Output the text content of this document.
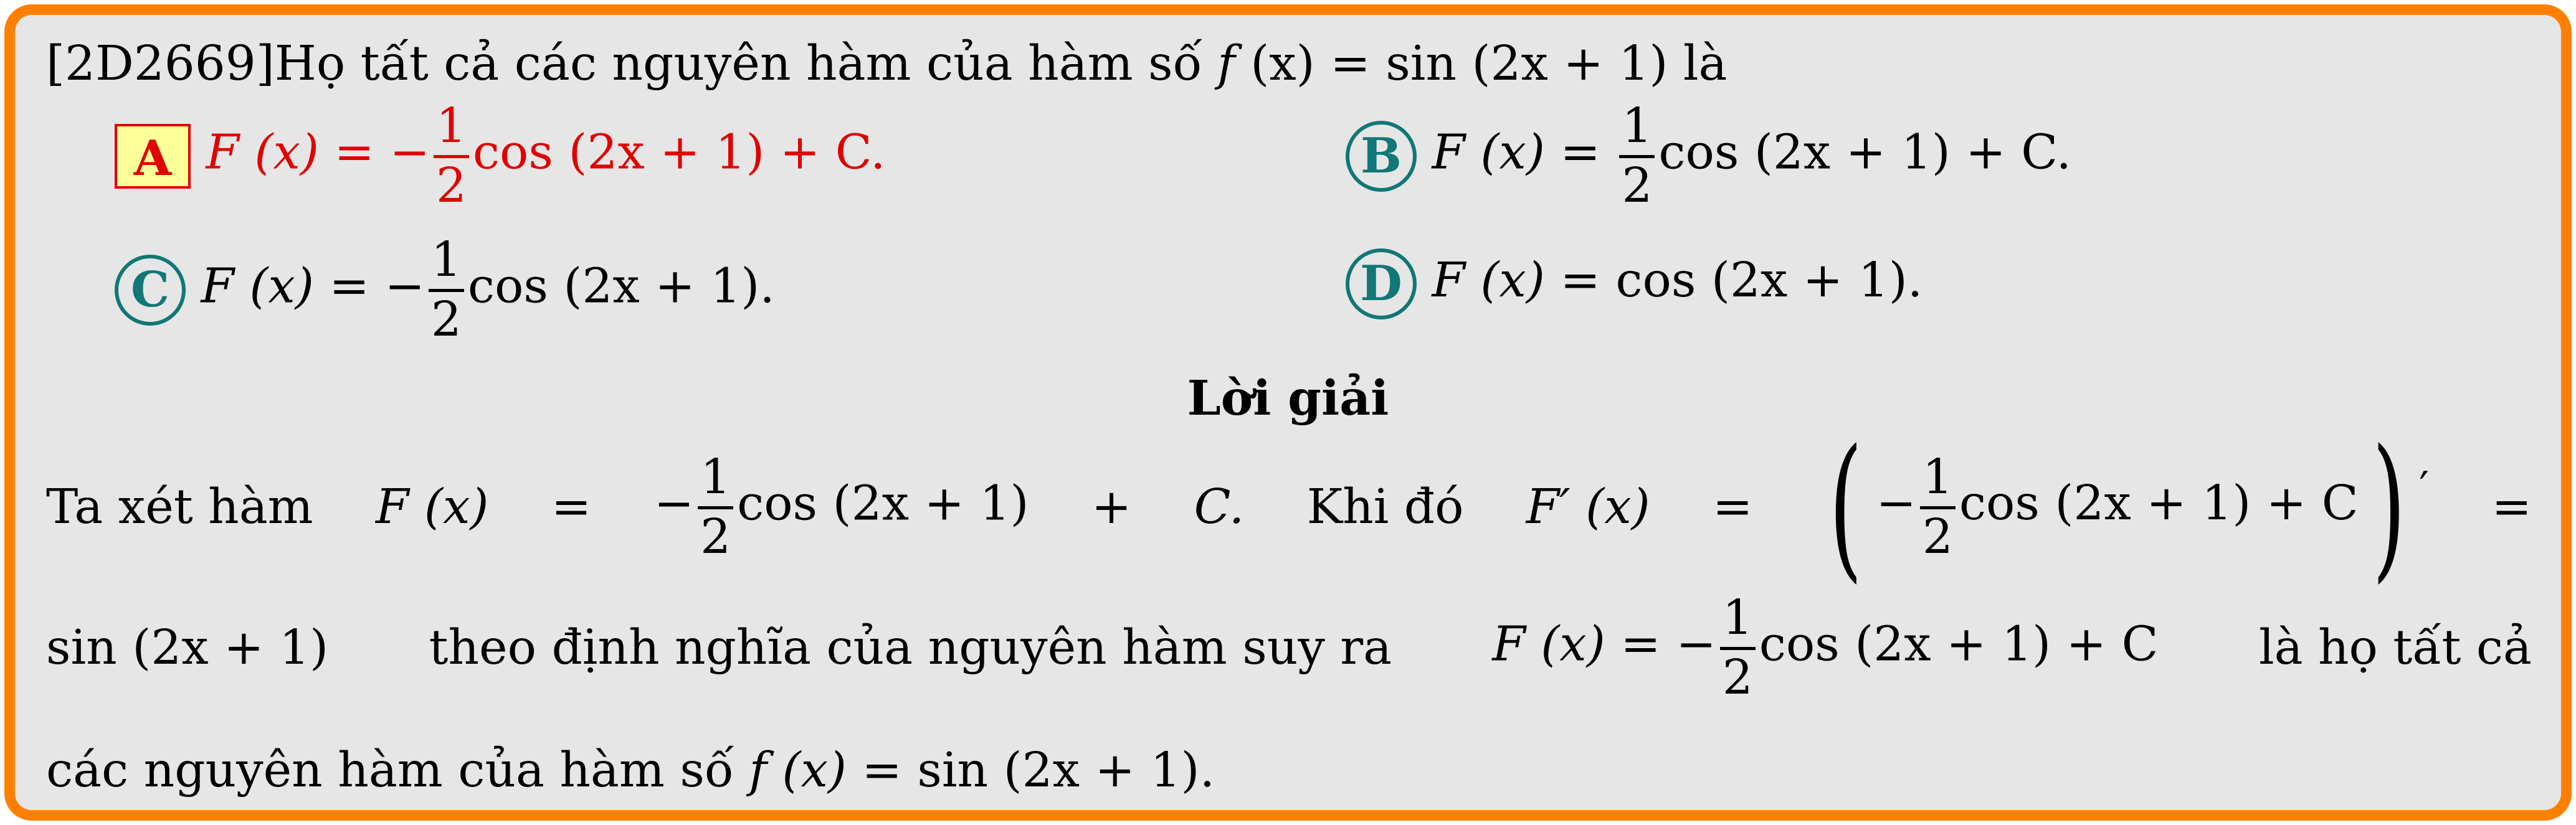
[2D2669]Họ tất cả các nguyên hàm của hàm số f (x) = sin (2x + 1) là
A F (x) = − $\frac{1}{2}$ cos (2x + 1) + C.	B F $(x) = \frac{1}{2}$ cos (2x + 1) + C.
C F (x) = − $\frac{1}{2}$ cos (2x + 1).	D F (x) = cos (2x + 1).
Lời giải
Ta xét hàm F (x) = − $\frac{1}{2}$ cos (2x + 1) + C. Khi đó F′ (x) = ( − $\frac{1}{2}$ cos (2x + 1) + C) ′ =
sin (2x + 1) theo định nghĩa của nguyên hàm suy ra F (x) = − $\frac{1}{2}$ cos (2x + 1) + C là họ tất cả
các nguyên hàm của hàm số f (x) = sin (2x + 1).
